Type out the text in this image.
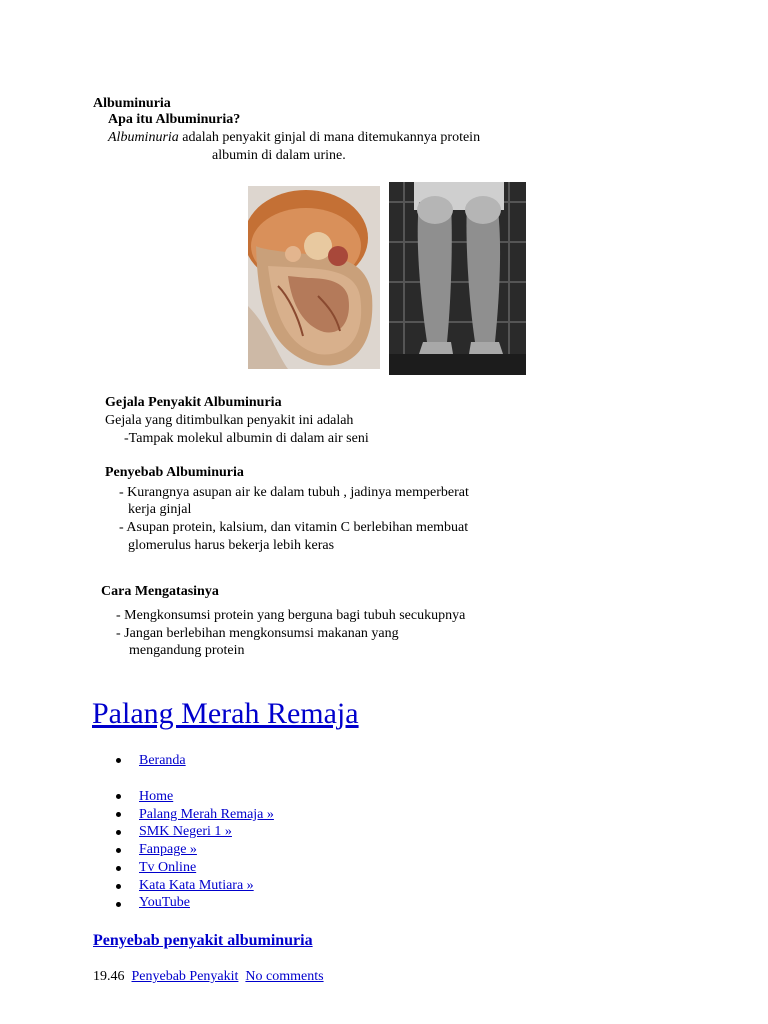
Albuminuria
Apa itu Albuminuria?
Albuminuria adalah penyakit ginjal di mana ditemukannya protein
albumin di dalam urine.
Gejala Penyakit Albuminuria
Gejala yang ditimbulkan penyakit ini adalah
-Tampak molekul albumin di dalam air seni
Penyebab Albuminuria
- Kurangnya asupan air ke dalam tubuh , jadinya memperberat
kerja ginjal
- Asupan protein, kalsium, dan vitamin C berlebihan membuat
glomerulus harus bekerja lebih keras
Cara Mengatasinya
- Mengkonsumsi protein yang berguna bagi tubuh secukupnya
- Jangan berlebihan mengkonsumsi makanan yang
mengandung protein
Palang Merah Remaja
Beranda
Home
Palang Merah Remaja »
SMK Negeri 1 »
Fanpage »
Tv Online
Kata Kata Mutiara »
YouTube
Penyebab penyakit albuminuria
19.46 Penyebab Penyakit No comments
